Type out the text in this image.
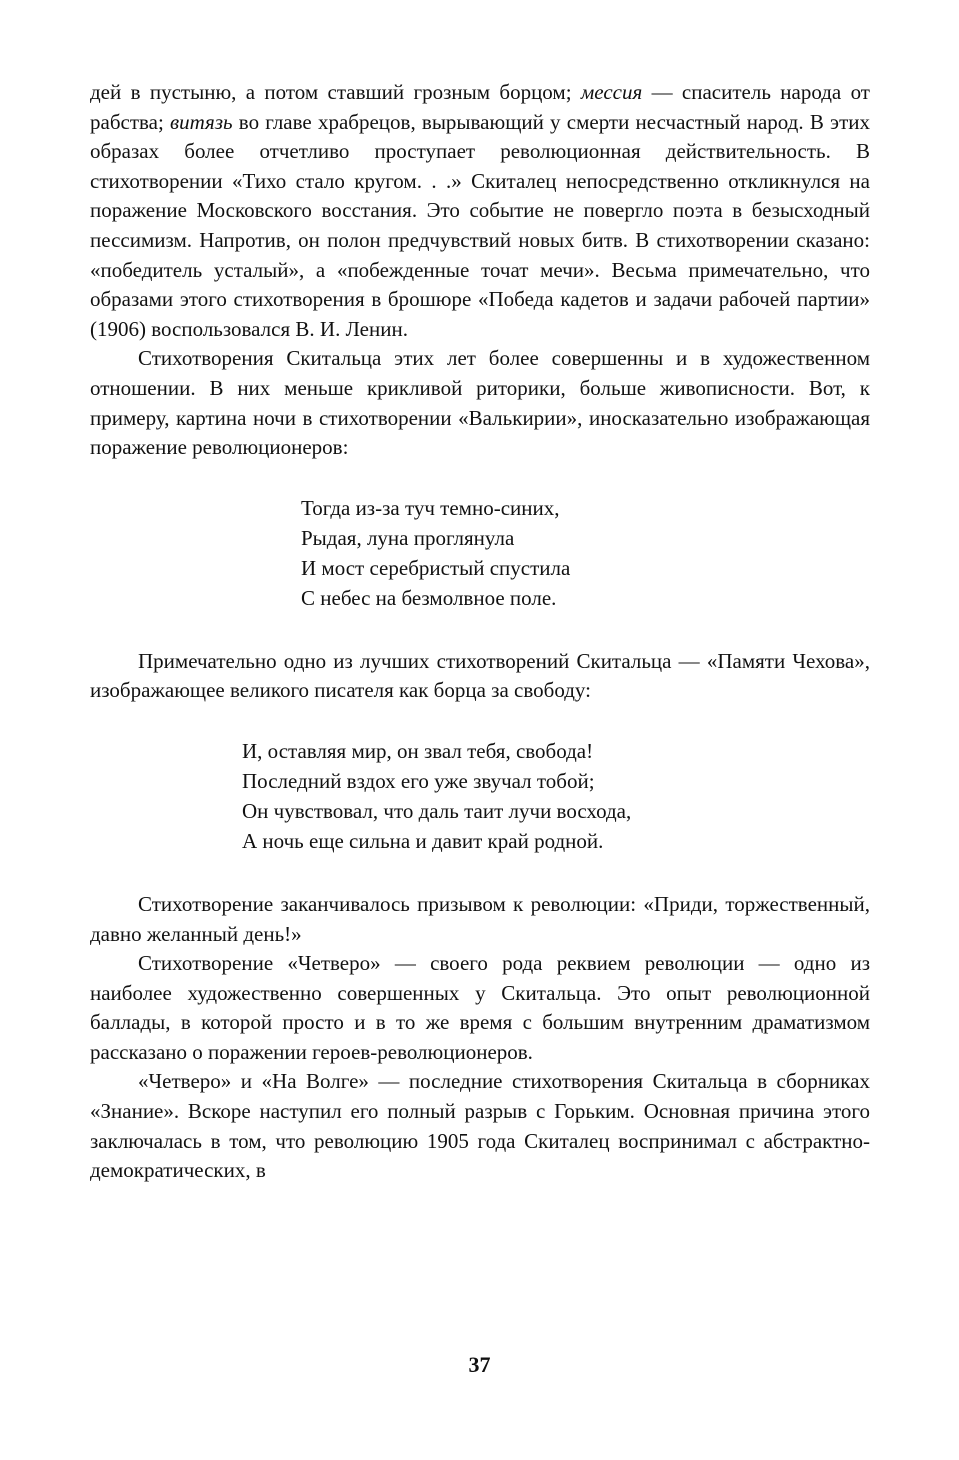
дей в пустыню, а потом ставший грозным борцом; мессия — спаситель народа от рабства; витязь во главе храбрецов, вырывающий у смерти несчастный народ. В этих образах более отчетливо проступает революционная действительность. В стихотворении «Тихо стало кругом. . .» Скиталец непосредственно откликнулся на поражение Московского восстания. Это событие не повергло поэта в безысходный пессимизм. Напротив, он полон предчувствий новых битв. В стихотворении сказано: «победитель усталый», а «побежденные точат мечи». Весьма примечательно, что образами этого стихотворения в брошюре «Победа кадетов и задачи рабочей партии» (1906) воспользовался В. И. Ленин.

Стихотворения Скитальца этих лет более совершенны и в художественном отношении. В них меньше крикливой риторики, больше живописности. Вот, к примеру, картина ночи в стихотворении «Валькирии», иносказательно изображающая поражение революционеров:

Тогда из-за туч темно-синих,
Рыдая, луна проглянула
И мост серебристый спустила
С небес на безмолвное поле.

Примечательно одно из лучших стихотворений Скитальца — «Памяти Чехова», изображающее великого писателя как борца за свободу:

И, оставляя мир, он звал тебя, свобода!
Последний вздох его уже звучал тобой;
Он чувствовал, что даль таит лучи восхода,
А ночь еще сильна и давит край родной.

Стихотворение заканчивалось призывом к революции: «Приди, торжественный, давно желанный день!»

Стихотворение «Четверо» — своего рода реквием революции — одно из наиболее художественно совершенных у Скитальца. Это опыт революционной баллады, в которой просто и в то же время с большим внутренним драматизмом рассказано о поражении героев-революционеров.

«Четверо» и «На Волге» — последние стихотворения Скитальца в сборниках «Знание». Вскоре наступил его полный разрыв с Горьким. Основная причина этого заключалась в том, что революцию 1905 года Скиталец воспринимал с абстрактно-демократических, в

37
